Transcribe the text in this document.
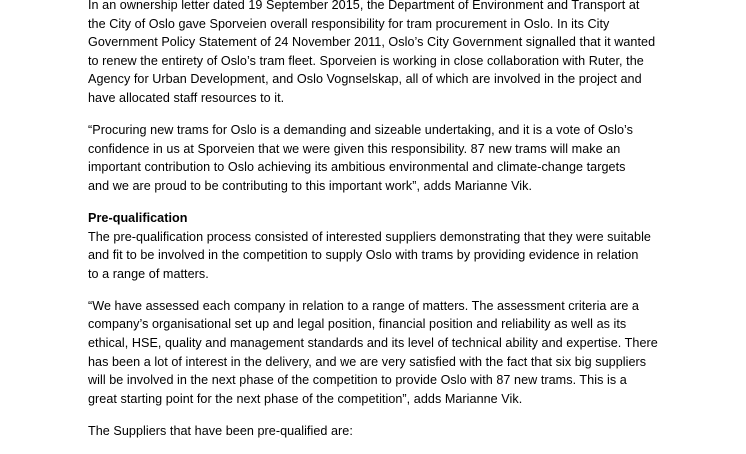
In an ownership letter dated 19 September 2015, the Department of Environment and Transport at
the City of Oslo gave Sporveien overall responsibility for tram procurement in Oslo. In its City
Government Policy Statement of 24 November 2011, Oslo’s City Government signalled that it wanted
to renew the entirety of Oslo’s tram fleet. Sporveien is working in close collaboration with Ruter, the
Agency for Urban Development, and Oslo Vognselskap, all of which are involved in the project and
have allocated staff resources to it.

“Procuring new trams for Oslo is a demanding and sizeable undertaking, and it is a vote of Oslo’s
confidence in us at Sporveien that we were given this responsibility. 87 new trams will make an
important contribution to Oslo achieving its ambitious environmental and climate-change targets
and we are proud to be contributing to this important work”, adds Marianne Vik.

Pre-qualification

The pre-qualification process consisted of interested suppliers demonstrating that they were suitable
and fit to be involved in the competition to supply Oslo with trams by providing evidence in relation
to a range of matters.

“We have assessed each company in relation to a range of matters. The assessment criteria are a
company’s organisational set up and legal position, financial position and reliability as well as its
ethical, HSE, quality and management standards and its level of technical ability and expertise. There
has been a lot of interest in the delivery, and we are very satisfied with the fact that six big suppliers
will be involved in the next phase of the competition to provide Oslo with 87 new trams. This is a
great starting point for the next phase of the competition”, adds Marianne Vik.

The Suppliers that have been pre-qualified are:
